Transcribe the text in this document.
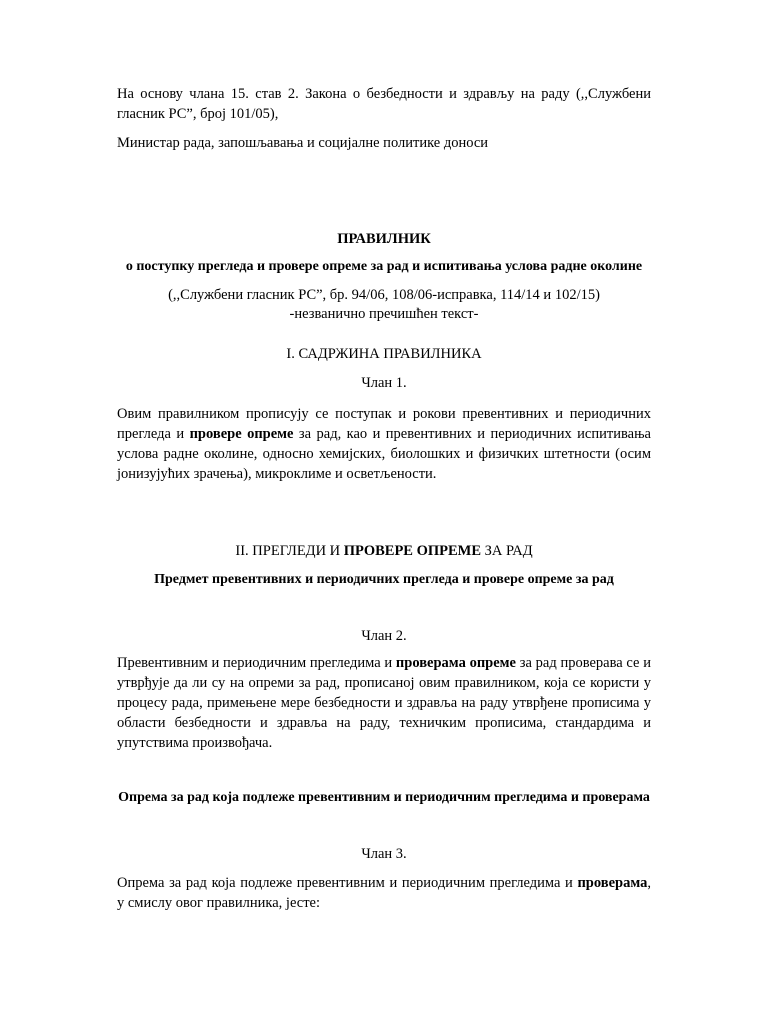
На основу члана 15. став 2. Закона о безбедности и здрављу на раду (,,Службени гласник РС”, број 101/05),

Министар рада, запошљавања и социјалне политике доноси

ПРАВИЛНИК

о поступку прегледа и провере опреме за рад и испитивања услова радне околине

(,,Службени гласник РС”, бр. 94/06, 108/06-исправка, 114/14 и 102/15)

-незванично пречишћен текст-

I. САДРЖИНА ПРАВИЛНИКА

Члан 1.

Овим правилником прописују се поступак и рокови превентивних и периодичних прегледа и провере опреме за рад, као и превентивних и периодичних испитивања услова радне околине, односно хемијских, биолошких и физичких штетности (осим јонизујућих зрачења), микроклиме и осветљености.

II. ПРЕГЛЕДИ И ПРОВЕРЕ ОПРЕМЕ ЗА РАД

Предмет превентивних и периодичних прегледа и провере опреме за рад

Члан 2.

Превентивним и периодичним прегледима и проверама опреме за рад проверава се и утврђује да ли су на опреми за рад, прописаној овим правилником, која се користи у процесу рада, примењене мере безбедности и здравља на раду утврђене прописима у области безбедности и здравља на раду, техничким прописима, стандардима и упутствима произвођача.

Опрема за рад која подлеже превентивним и периодичним прегледима и проверама

Члан 3.

Опрема за рад која подлеже превентивним и периодичним прегледима и проверама, у смислу овог правилника, јесте:
